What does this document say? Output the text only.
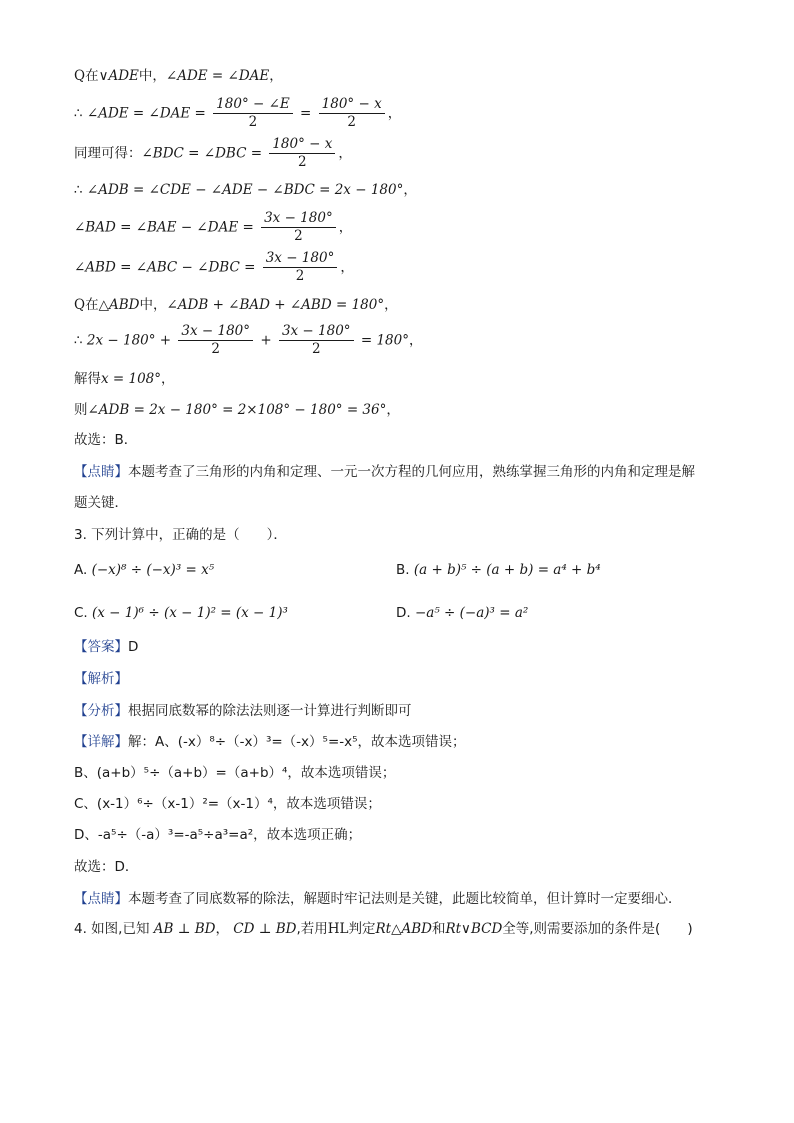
Q在∨ADE中，∠ADE = ∠DAE，
∴ ∠ADE = ∠DAE = $\frac{180^\circ - \angle E}{2} = \frac{180^\circ - x}{2}$ ，
同理可得：∠BDC = ∠DBC = $\frac{180^\circ - x}{2}$ ，
∴ ∠ADB = ∠CDE − ∠ADE − ∠BDC = 2x − 180°，
∠BAD = ∠BAE − ∠DAE = $\frac{3x - 180^\circ}{2}$ ，
∠ABD = ∠ABC − ∠DBC = $\frac{3x - 180^\circ}{2}$ ，
Q在△ABD中，∠ADB + ∠BAD + ∠ABD = 180°，
∴ $2x - 180^\circ + \frac{3x - 180^\circ}{2} + \frac{3x - 180^\circ}{2} = 180^\circ$，
解得x = 108°，
则∠ADB = 2x − 180° = 2×108° − 180° = 36°，
故选：B．
【点睛】本题考查了三角形的内角和定理、一元一次方程的几何应用，熟练掌握三角形的内角和定理是解
题关键．
3. 下列计算中，正确的是（　　）．
A. (−x)⁸ ÷ (−x)³ = x⁵	B. (a + b)⁵ ÷ (a + b) = a⁴ + b⁴
C. (x − 1)⁶ ÷ (x − 1)² = (x − 1)³	D. −a⁵ ÷ (−a)³ = a²
【答案】D
【解析】
【分析】根据同底数幂的除法法则逐一计算进行判断即可
【详解】解：A、(-x）⁸÷（-x）³=（-x）⁵=-x⁵，故本选项错误；
B、(a+b）⁵÷（a+b）=（a+b）⁴，故本选项错误；
C、(x-1）⁶÷（x-1）²=（x-1）⁴，故本选项错误；
D、-a⁵÷（-a）³=-a⁵÷a³=a²，故本选项正确；
故选：D．
【点睛】本题考查了同底数幂的除法，解题时牢记法则是关键，此题比较简单，但计算时一定要细心．
4. 如图,已知 AB ⊥ BD， CD ⊥ BD,若用HL判定Rt△ABD和Rt∨BCD全等,则需要添加的条件是(　　)
